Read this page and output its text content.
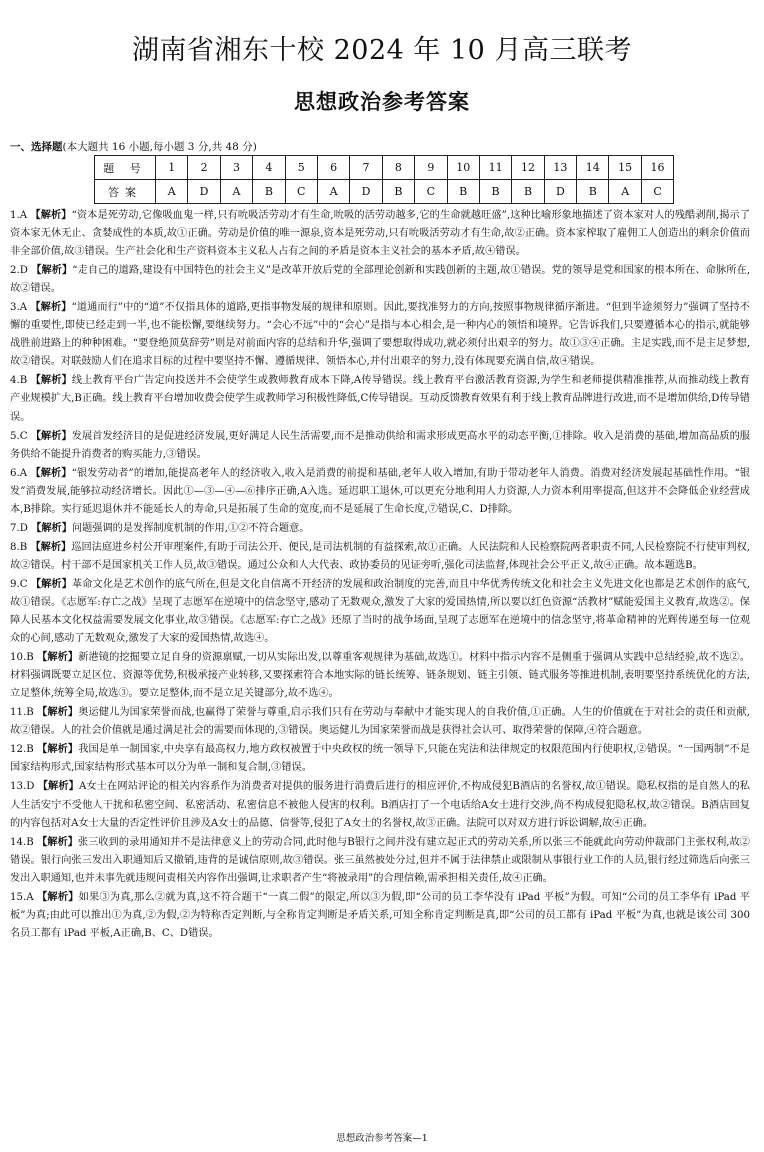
湖南省湘东十校 2024 年 10 月高三联考
思想政治参考答案
一、选择题(本大题共 16 小题,每小题 3 分,共 48 分)
题 号	1	2	3	4	5	6	7	8	9	10	11	12	13	14	15	16
答案	A	D	A	B	C	A	D	B	C	B	B	B	D	B	A	C

1.A 【解析】“资本是死劳动,它像吸血鬼一样,只有吮吸活劳动才有生命,吮吸的活劳动越多,它的生命就越旺盛”,这种比喻形象地描述了资本家对人的残酷剥削,揭示了资本家无休无止、贪婪成性的本质,故①正确。劳动是价值的唯一源泉,资本是死劳动,只有吮吸活劳动才有生命,故②正确。资本家榨取了雇佣工人创造出的剩余价值而非全部价值,故③错误。生产社会化和生产资料资本主义私人占有之间的矛盾是资本主义社会的基本矛盾,故④错误。

2.D 【解析】“走自己的道路,建设有中国特色的社会主义”是改革开放后党的全部理论创新和实践创新的主题,故①错误。党的领导是党和国家的根本所在、命脉所在,故②错误。

3.A 【解析】“道通而行”中的“道”不仅指具体的道路,更指事物发展的规律和原则。因此,要找准努力的方向,按照事物规律循序渐进。“但到半途须努力”强调了坚持不懈的重要性,即使已经走到一半,也不能松懈,要继续努力。“会心不远”中的“会心”是指与本心相会,是一种内心的领悟和境界。它告诉我们,只要遵循本心的指示,就能够战胜前进路上的种种困难。“要登绝顶莫辞劳”则是对前面内容的总结和升华,强调了要想取得成功,就必须付出艰辛的努力。故①③④正确。主足实践,而不是主足梦想,故②错误。对联鼓励人们在追求目标的过程中要坚持不懈、遵循规律、领悟本心,并付出艰辛的努力,没有体现要充满自信,故④错误。

4.B 【解析】线上教育平台广告定向投送并不会使学生或教师教育成本下降,A传导错误。线上教育平台激活教育资源,为学生和老师提供精准推荐,从而推动线上教育产业规模扩大,B正确。线上教育平台增加收费会使学生或教师学习积极性降低,C传导错误。互动反馈教育效果有利于线上教育品牌进行改进,而不是增加供给,D传导错误。

5.C 【解析】发展首发经济目的是促进经济发展,更好满足人民生活需要,而不是推动供给和需求形成更高水平的动态平衡,①排除。收入是消费的基础,增加高品质的服务供给不能提升消费者的购买能力,③错误。

6.A 【解析】“银发劳动者”的增加,能提高老年人的经济收入,收入是消费的前提和基础,老年人收入增加,有助于带动老年人消费。消费对经济发展起基础性作用。“银发”消费发展,能够拉动经济增长。因此①—③—④—⑥排序正确,A入选。延迟职工退休,可以更充分地利用人力资源,人力资本利用率提高,但这并不会降低企业经营成本,B排除。实行延迟退休并不能延长人的寿命,只是拓展了生命的宽度,而不是延展了生命长度,⑦错误,C、D排除。

7.D 【解析】问题强调的是发挥制度机制的作用,①②不符合题意。

8.B 【解析】巡回法庭进乡村公开审理案件,有助于司法公开、便民,是司法机制的有益探索,故①正确。人民法院和人民检察院两者职责不同,人民检察院不行使审判权,故②错误。村干部不是国家机关工作人员,故③错误。通过公众和人大代表、政协委员的见证旁听,强化司法监督,体现社会公平正义,故④正确。故本题选B。

9.C 【解析】革命文化是艺术创作的底气所在,但是文化自信离不开经济的发展和政治制度的完善,而且中华优秀传统文化和社会主义先进文化也都是艺术创作的底气,故①错误。《志愿军:存亡之战》呈现了志愿军在逆境中的信念坚守,感动了无数观众,激发了大家的爱国热情,所以要以红色资源“活教材”赋能爱国主义教育,故选②。保障人民基本文化权益需要发展文化事业,故③错误。《志愿军:存亡之战》还原了当时的战争场面,呈现了志愿军在逆境中的信念坚守,将革命精神的光辉传递至每一位观众的心间,感动了无数观众,激发了大家的爱国热情,故选④。

10.B 【解析】新港镜的挖掘要立足自身的资源禀赋,一切从实际出发,以尊重客观规律为基础,故选①。材料中指示内容不是侧重于强调从实践中总结经验,故不选②。材料强调既要立足区位、资源等优势,积极承接产业转移,又要探索符合本地实际的链长统筹、链条规划、链主引领、链式服务等推进机制,表明要坚持系统优化的方法,立足整体,统筹全局,故选③。要立足整体,而不是立足关键部分,故不选④。

11.B 【解析】奥运健儿为国家荣誉而战,也赢得了荣誉与尊重,启示我们只有在劳动与奉献中才能实现人的自我价值,①正确。人生的价值就在于对社会的责任和贡献,故②错误。人的社会价值就是通过满足社会的需要而体现的,③错误。奥运健儿为国家荣誉而战是获得社会认可、取得荣誉的保障,④符合题意。

12.B 【解析】我国是单一制国家,中央享有最高权力,地方政权被置于中央政权的统一领导下,只能在宪法和法律规定的权限范围内行使职权,②错误。“一国两制”不是国家结构形式,国家结构形式基本可以分为单一制和复合制,③错误。

13.D 【解析】A女士在网站评论的相关内容系作为消费者对提供的服务进行消费后进行的相应评价,不构成侵犯B酒店的名誉权,故①错误。隐私权指的是自然人的私人生活安宁不受他人干扰和私密空间、私密活动、私密信息不被他人侵害的权利。B酒店打了一个电话给A女士进行交涉,尚不构成侵犯隐私权,故②错误。B酒店回复的内容包括对A女士大量的否定性评价且涉及A女士的品德、信誉等,侵犯了A女士的名誉权,故③正确。法院可以对双方进行诉讼调解,故④正确。

14.B 【解析】张三收到的录用通知并不是法律意义上的劳动合同,此时他与B银行之间并没有建立起正式的劳动关系,所以张三不能就此向劳动仲裁部门主张权利,故②错误。银行向张三发出入职通知后又撤销,违背的是诚信原则,故③错误。张三虽然被处分过,但并不属于法律禁止或限制从事银行业工作的人员,银行经过筛选后向张三发出入职通知,也并未事先就违规问责相关内容作出强调,让求职者产生“将被录用”的合理信赖,需承担相关责任,故④正确。

15.A 【解析】如果③为真,那么②就为真,这不符合题干“一真二假”的限定,所以③为假,即“公司的员工李华没有 iPad 平板”为假。可知“公司的员工李华有 iPad 平板”为真;由此可以推出①为真,②为假,②为特称否定判断,与全称肯定判断是矛盾关系,可知全称肯定判断是真,即“公司的员工都有 iPad 平板”为真,也就是该公司 300 名员工都有 iPad 平板,A正确,B、C、D错误。

思想政治参考答案—1
